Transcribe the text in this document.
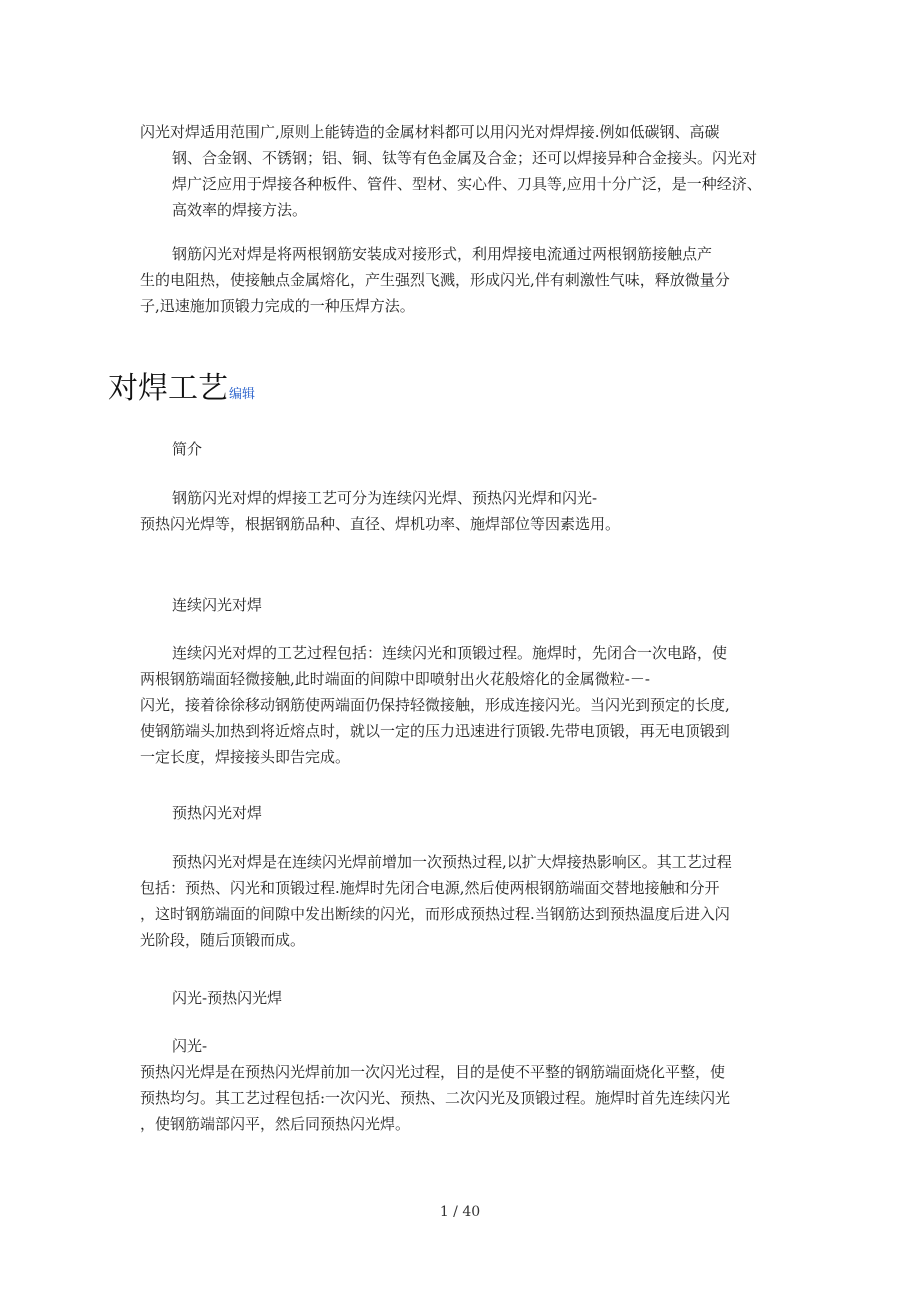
闪光对焊适用范围广,原则上能铸造的金属材料都可以用闪光对焊焊接.例如低碳钢、高碳
钢、合金钢、不锈钢；铝、铜、钛等有色金属及合金；还可以焊接异种合金接头。闪光对
焊广泛应用于焊接各种板件、管件、型材、实心件、刀具等,应用十分广泛，是一种经济、
高效率的焊接方法。
钢筋闪光对焊是将两根钢筋安装成对接形式，利用焊接电流通过两根钢筋接触点产
生的电阻热，使接触点金属熔化，产生强烈飞溅，形成闪光,伴有刺激性气味，释放微量分
子,迅速施加顶锻力完成的一种压焊方法。
对焊工艺编辑

简介

钢筋闪光对焊的焊接工艺可分为连续闪光焊、预热闪光焊和闪光-
预热闪光焊等，根据钢筋品种、直径、焊机功率、施焊部位等因素选用。

连续闪光对焊

连续闪光对焊的工艺过程包括：连续闪光和顶锻过程。施焊时，先闭合一次电路，使
两根钢筋端面轻微接触,此时端面的间隙中即喷射出火花般熔化的金属微粒-－-
闪光，接着徐徐移动钢筋使两端面仍保持轻微接触，形成连接闪光。当闪光到预定的长度,
使钢筋端头加热到将近熔点时，就以一定的压力迅速进行顶锻.先带电顶锻，再无电顶锻到
一定长度，焊接接头即告完成。

预热闪光对焊

预热闪光对焊是在连续闪光焊前增加一次预热过程,以扩大焊接热影响区。其工艺过程
包括：预热、闪光和顶锻过程.施焊时先闭合电源,然后使两根钢筋端面交替地接触和分开
，这时钢筋端面的间隙中发出断续的闪光，而形成预热过程.当钢筋达到预热温度后进入闪
光阶段，随后顶锻而成。

闪光-预热闪光焊

闪光-
预热闪光焊是在预热闪光焊前加一次闪光过程，目的是使不平整的钢筋端面烧化平整，使
预热均匀。其工艺过程包括:一次闪光、预热、二次闪光及顶锻过程。施焊时首先连续闪光
，使钢筋端部闪平，然后同预热闪光焊。
1 / 40
